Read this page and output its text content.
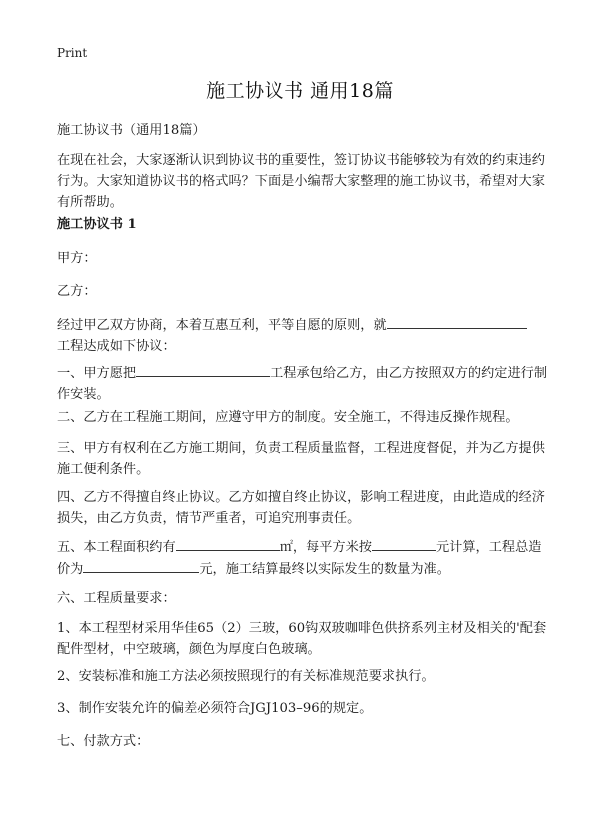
Print
施工协议书 通用18篇
施工协议书（通用18篇）
在现在社会，大家逐渐认识到协议书的重要性，签订协议书能够较为有效的约束违约行为。大家知道协议书的格式吗？下面是小编帮大家整理的施工协议书，希望对大家有所帮助。
施工协议书 1
甲方：
乙方：
经过甲乙双方协商，本着互惠互利，平等自愿的原则，就
工程达成如下协议：
一、甲方愿把	工程承包给乙方，由乙方按照双方的约定进行制作安装。
二、乙方在工程施工期间，应遵守甲方的制度。安全施工，不得违反操作规程。
三、甲方有权利在乙方施工期间，负责工程质量监督，工程进度督促，并为乙方提供施工便利条件。
四、乙方不得擅自终止协议。乙方如擅自终止协议，影响工程进度，由此造成的经济损失，由乙方负责，情节严重者，可追究刑事责任。
五、本工程面积约有	㎡，每平方米按	元计算，工程总造价为	元，施工结算最终以实际发生的数量为准。
六、工程质量要求：
1、本工程型材采用华佳65（2）三玻，60钩双玻咖啡色供挤系列主材及相关的'配套配件型材，中空玻璃，颜色为厚度白色玻璃。
2、安装标准和施工方法必须按照现行的有关标准规范要求执行。
3、制作安装允许的偏差必须符合JGJ103–96的规定。
七、付款方式：
